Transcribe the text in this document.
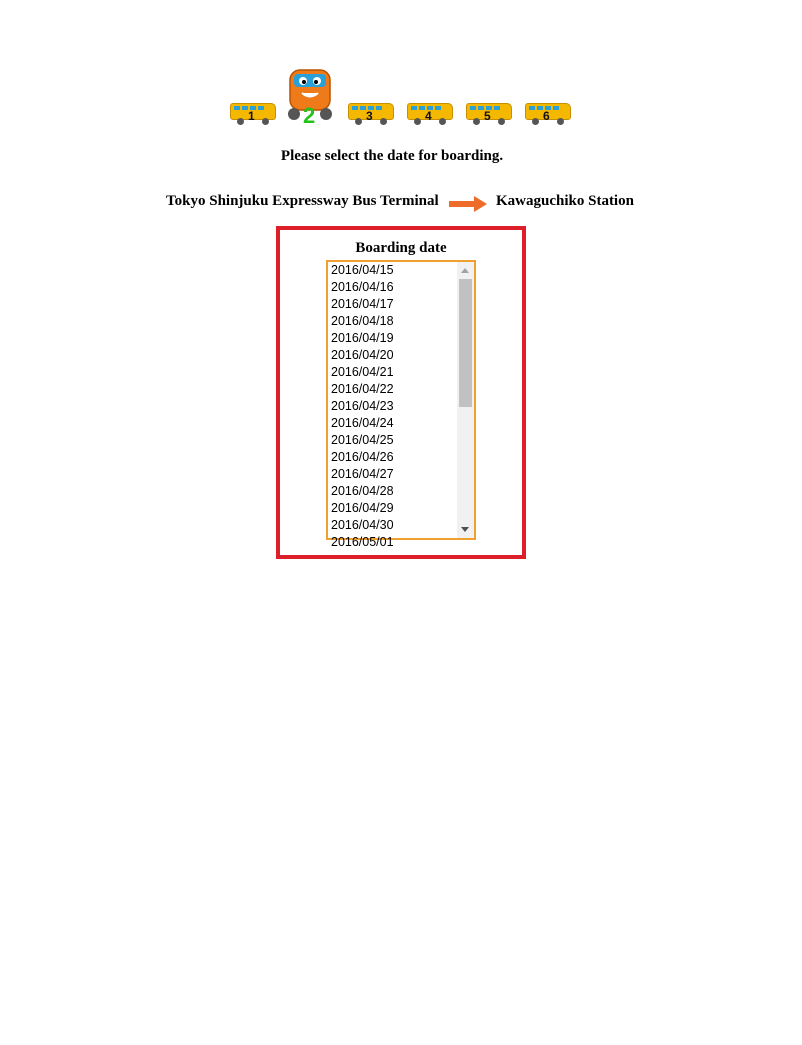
1 2	3	4	5	6
Please select the date for boarding.
Tokyo Shinjuku Expressway Bus Terminal	Kawaguchiko Station
Boarding date
2016/04/15
2016/04/16
2016/04/17
2016/04/18
2016/04/19
2016/04/20
2016/04/21
2016/04/22
2016/04/23
2016/04/24
2016/04/25
2016/04/26
2016/04/27
2016/04/28
2016/04/29
2016/04/30
2016/05/01
